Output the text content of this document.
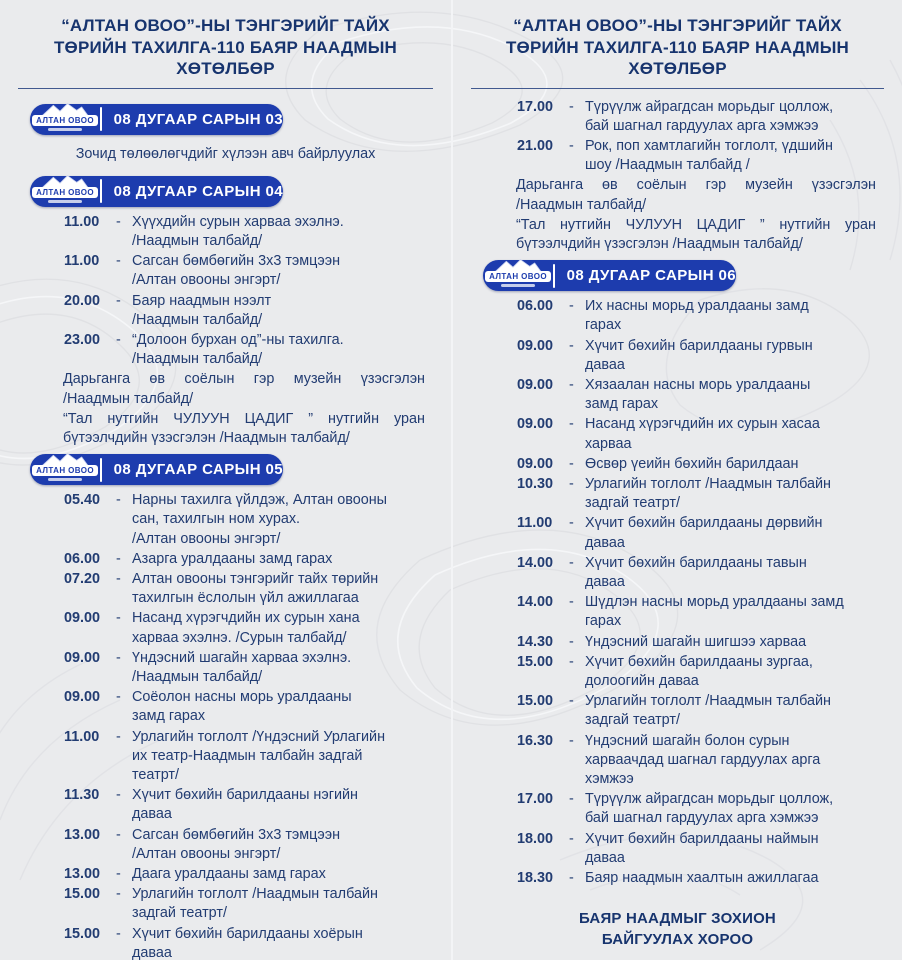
“АЛТАН ОВОО”-НЫ ТЭНГЭРИЙГ ТАЙХ
ТӨРИЙН ТАХИЛГА-110 БАЯР НААДМЫН
ХӨТӨЛБӨР
АЛТАН ОВОО 08 ДУГААР САРЫН 03
Зочид төлөөлөгчдийг хүлээн авч байрлуулах
АЛТАН ОВОО 08 ДУГААР САРЫН 04
11.00	- Хүүхдийн сурын харваа эхэлнэ.
/Наадмын талбайд/
11.00	- Сагсан бөмбөгийн 3х3 тэмцээн
/Алтан овооны энгэрт/
20.00	- Баяр наадмын нээлт
/Наадмын талбайд/
23.00	- “Долоон бурхан од”-ны тахилга.
/Наадмын талбайд/
Дарьганга өв соёлын гэр музейн үзэсгэлэн
/Наадмын талбайд/
“Тал нутгийн ЧУЛУУН ЦАДИГ ” нутгийн уран
бүтээлчдийн үзэсгэлэн /Наадмын талбайд/
АЛТАН ОВОО 08 ДУГААР САРЫН 05
05.40	- Нарны тахилга үйлдэж, Алтан овооны
сан, тахилгын ном хурах.
/Алтан овооны энгэрт/
06.00	- Азарга уралдааны замд гарах
07.20	- Алтан овооны тэнгэрийг тайх төрийн
тахилгын ёслолын үйл ажиллагаа
09.00	- Насанд хүрэгчдийн их сурын хана
харваа эхэлнэ. /Сурын талбайд/
09.00	- Үндэсний шагайн харваа эхэлнэ.
/Наадмын талбайд/
09.00	- Соёолон насны морь уралдааны
замд гарах
11.00	- Урлагийн тоглолт /Үндэсний Урлагийн
их театр-Наадмын талбайн задгай
театрт/
11.30	- Хүчит бөхийн барилдааны нэгийн
даваа
13.00	- Сагсан бөмбөгийн 3х3 тэмцээн
/Алтан овооны энгэрт/
13.00	- Даага уралдааны замд гарах
15.00	- Урлагийн тоглолт /Наадмын талбайн
задгай театрт/
15.00	- Хүчит бөхийн барилдааны хоёрын
даваа
“АЛТАН ОВОО”-НЫ ТЭНГЭРИЙГ ТАЙХ
ТӨРИЙН ТАХИЛГА-110 БАЯР НААДМЫН
ХӨТӨЛБӨР
17.00	- Түрүүлж айрагдсан морьдыг цоллож,
бай шагнал гардуулах арга хэмжээ
21.00	- Рок, поп хамтлагийн тоглолт, үдшийн
шоу /Наадмын талбайд /
Дарьганга өв соёлын гэр музейн үзэсгэлэн
/Наадмын талбайд/
“Тал нутгийн ЧУЛУУН ЦАДИГ ” нутгийн уран
бүтээлчдийн үзэсгэлэн /Наадмын талбайд/
АЛТАН ОВОО 08 ДУГААР САРЫН 06
06.00	- Их насны морьд уралдааны замд
гарах
09.00	- Хүчит бөхийн барилдааны гурвын
даваа
09.00	- Хязаалан насны морь уралдааны
замд гарах
09.00	- Насанд хүрэгчдийн их сурын хасаа
харваа
09.00	- Өсвөр үеийн бөхийн барилдаан
10.30	- Урлагийн тоглолт /Наадмын талбайн
задгай театрт/
11.00	- Хүчит бөхийн барилдааны дөрвийн
даваа
14.00	- Хүчит бөхийн барилдааны тавын
даваа
14.00	- Шүдлэн насны морьд уралдааны замд
гарах
14.30	- Үндэсний шагайн шигшээ харваа
15.00	- Хүчит бөхийн барилдааны зургаа,
долоогийн даваа
15.00	- Урлагийн тоглолт /Наадмын талбайн
задгай театрт/
16.30	- Үндэсний шагайн болон сурын
харваачдад шагнал гардуулах арга
хэмжээ
17.00	- Түрүүлж айрагдсан морьдыг цоллож,
бай шагнал гардуулах арга хэмжээ
18.00	- Хүчит бөхийн барилдааны наймын
даваа
18.30	- Баяр наадмын хаалтын ажиллагаа
БАЯР НААДМЫГ ЗОХИОН
БАЙГУУЛАХ ХОРОО
